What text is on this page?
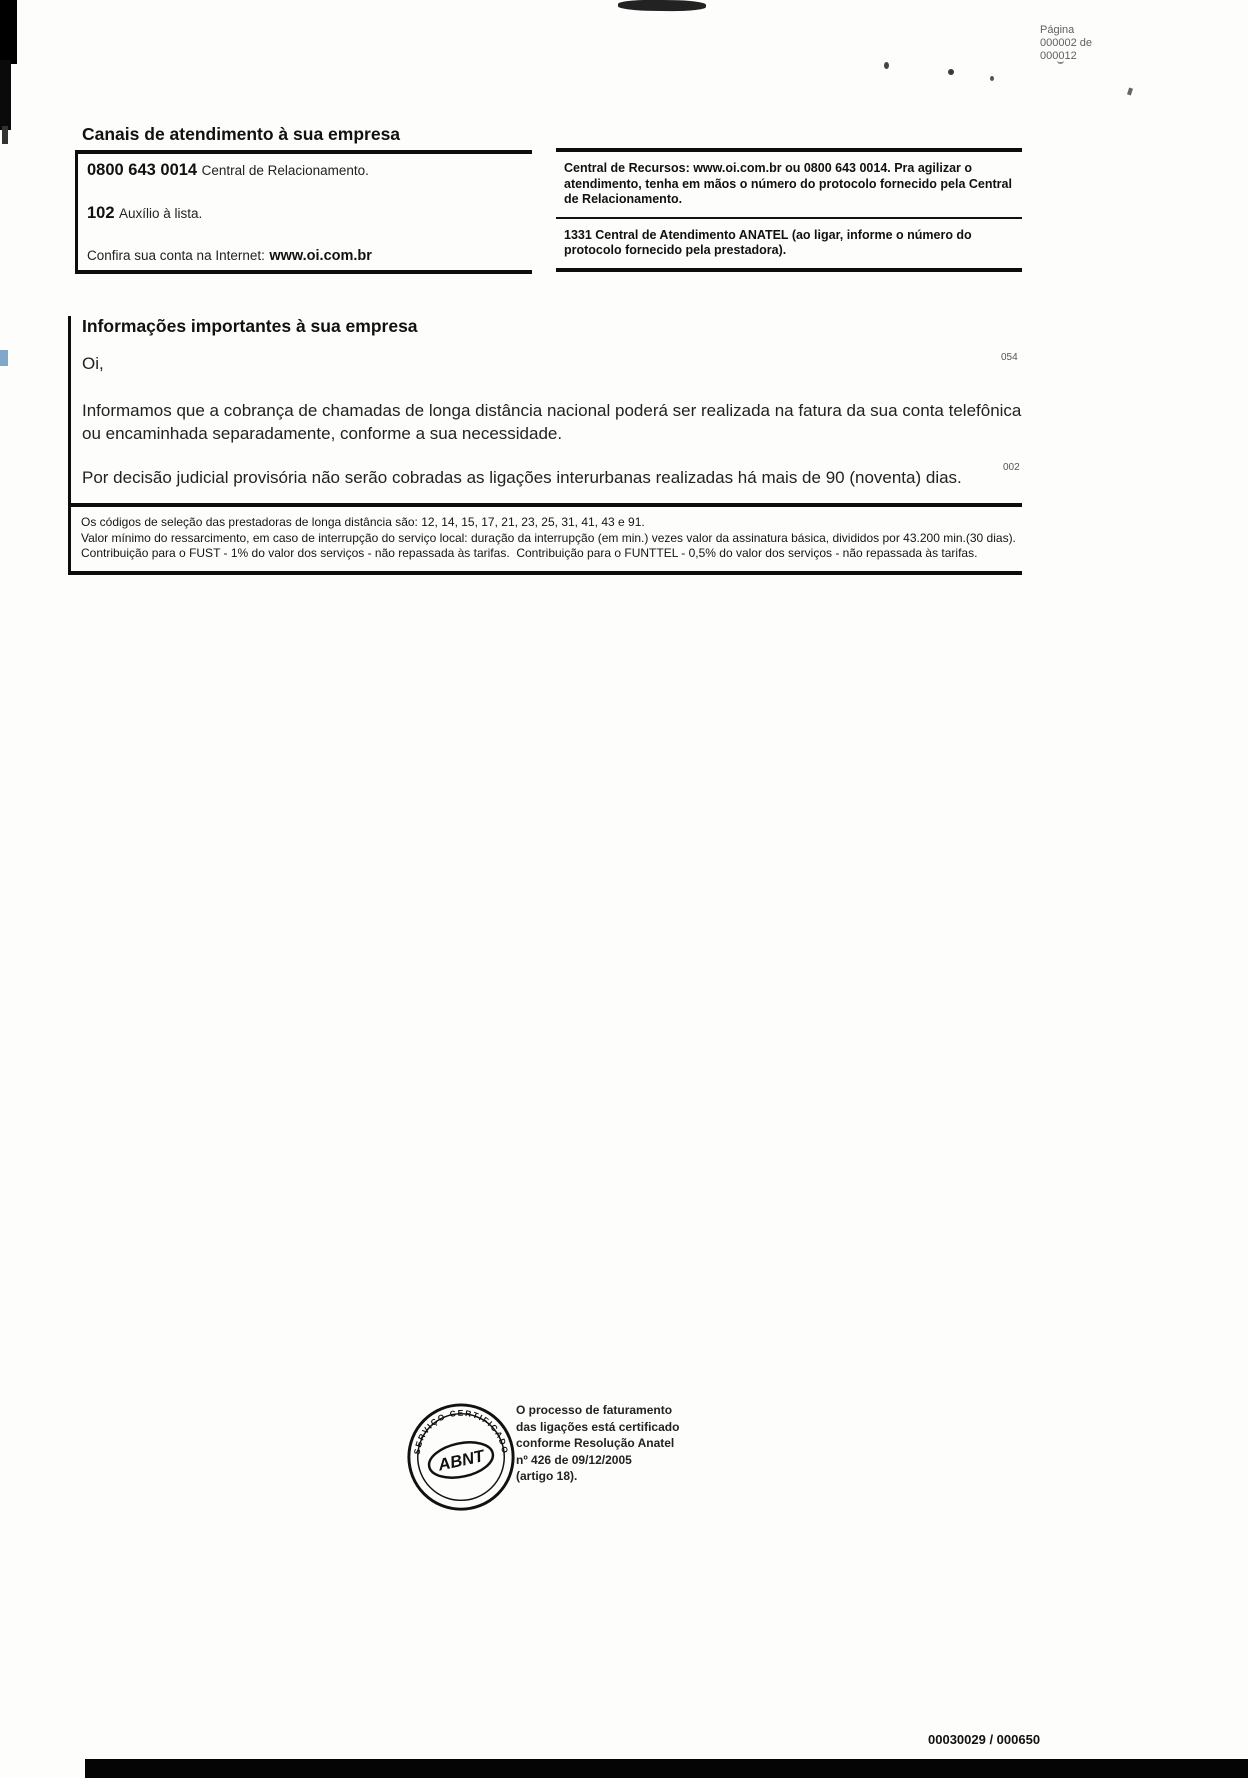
Página
000002 de
000012
Canais de atendimento à sua empresa
0800 643 0014 Central de Relacionamento.
102 Auxílio à lista.
Confira sua conta na Internet: www.oi.com.br

Central de Recursos: www.oi.com.br ou 0800 643 0014. Pra agilizar o atendimento, tenha em mãos o número do protocolo fornecido pela Central de Relacionamento.

1331 Central de Atendimento ANATEL (ao ligar, informe o número do protocolo fornecido pela prestadora).

Informações importantes à sua empresa
054

Oi,

Informamos que a cobrança de chamadas de longa distância nacional poderá ser realizada na fatura da sua conta telefônica ou encaminhada separadamente, conforme a sua necessidade.

002

Por decisão judicial provisória não serão cobradas as ligações interurbanas realizadas há mais de 90 (noventa) dias.

Os códigos de seleção das prestadoras de longa distância são: 12, 14, 15, 17, 21, 23, 25, 31, 41, 43 e 91.

Valor mínimo do ressarcimento, em caso de interrupção do serviço local: duração da interrupção (em min.) vezes valor da assinatura básica, divididos por 43.200 min.(30 dias).

Contribuição para o FUST - 1% do valor dos serviços - não repassada às tarifas.  Contribuição para o FUNTTEL - 0,5% do valor dos serviços - não repassada às tarifas.

SERVIÇO CERTIFICADO
ABNT
O processo de faturamento
das ligações está certificado
conforme Resolução Anatel
nº 426 de 09/12/2005
(artigo 18).
00030029 / 000650
